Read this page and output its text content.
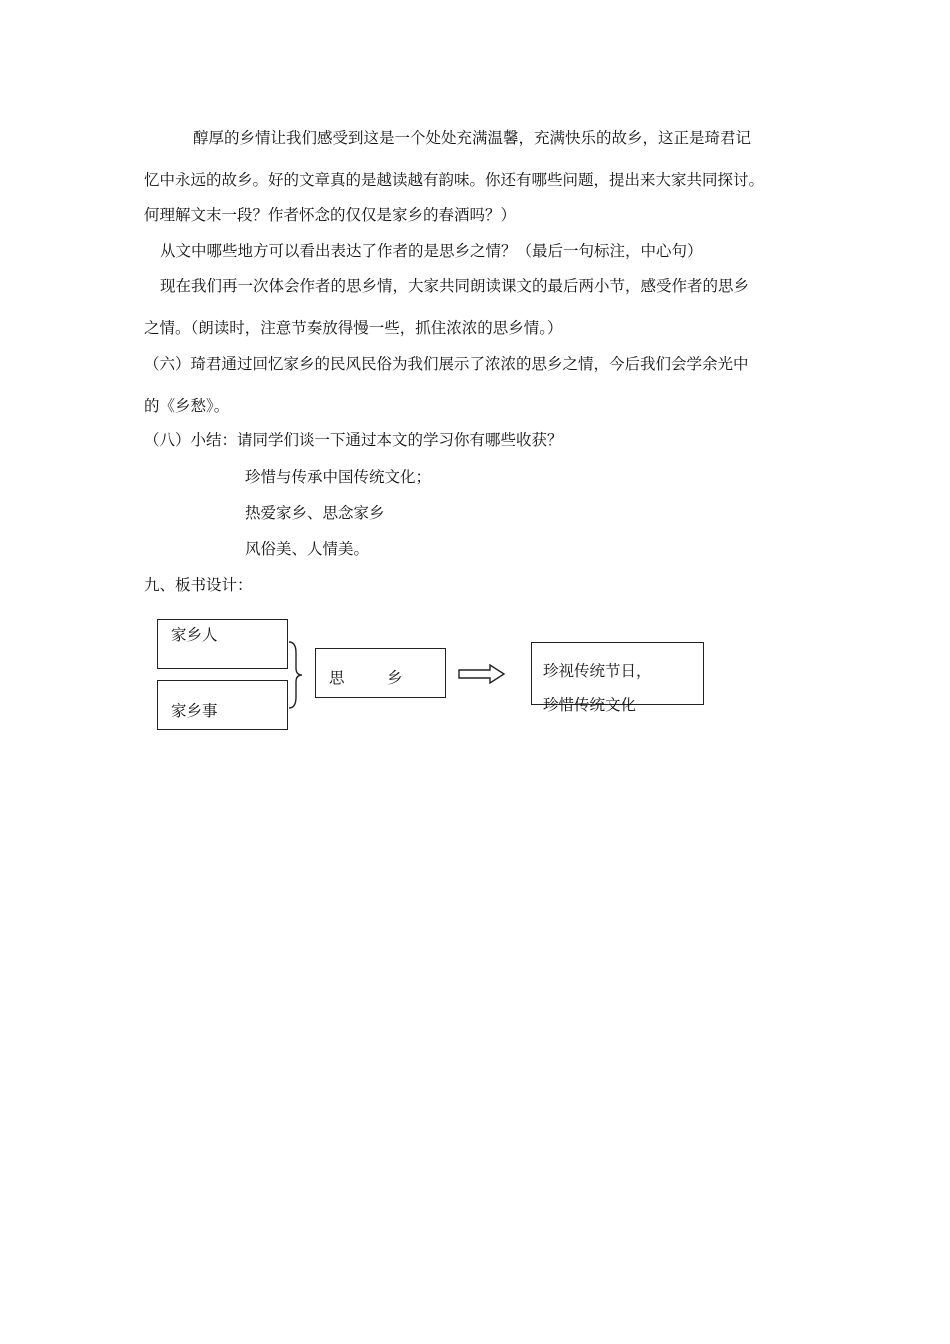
醇厚的乡情让我们感受到这是一个处处充满温馨，充满快乐的故乡，这正是琦君记
忆中永远的故乡。好的文章真的是越读越有韵味。你还有哪些问题，提出来大家共同探讨。
何理解文末一段？作者怀念的仅仅是家乡的春酒吗？）
从文中哪些地方可以看出表达了作者的是思乡之情？（最后一句标注，中心句）
现在我们再一次体会作者的思乡情，大家共同朗读课文的最后两小节，感受作者的思乡
之情。（朗读时，注意节奏放得慢一些，抓住浓浓的思乡情。）
（六）琦君通过回忆家乡的民风民俗为我们展示了浓浓的思乡之情，今后我们会学余光中
的《乡愁》。
（八）小结：请同学们谈一下通过本文的学习你有哪些收获？
珍惜与传承中国传统文化；
热爱家乡、思念家乡
风俗美、人情美。
九、板书设计：
家乡人
家乡事
思	乡	珍视传统节日，
珍惜传统文化
